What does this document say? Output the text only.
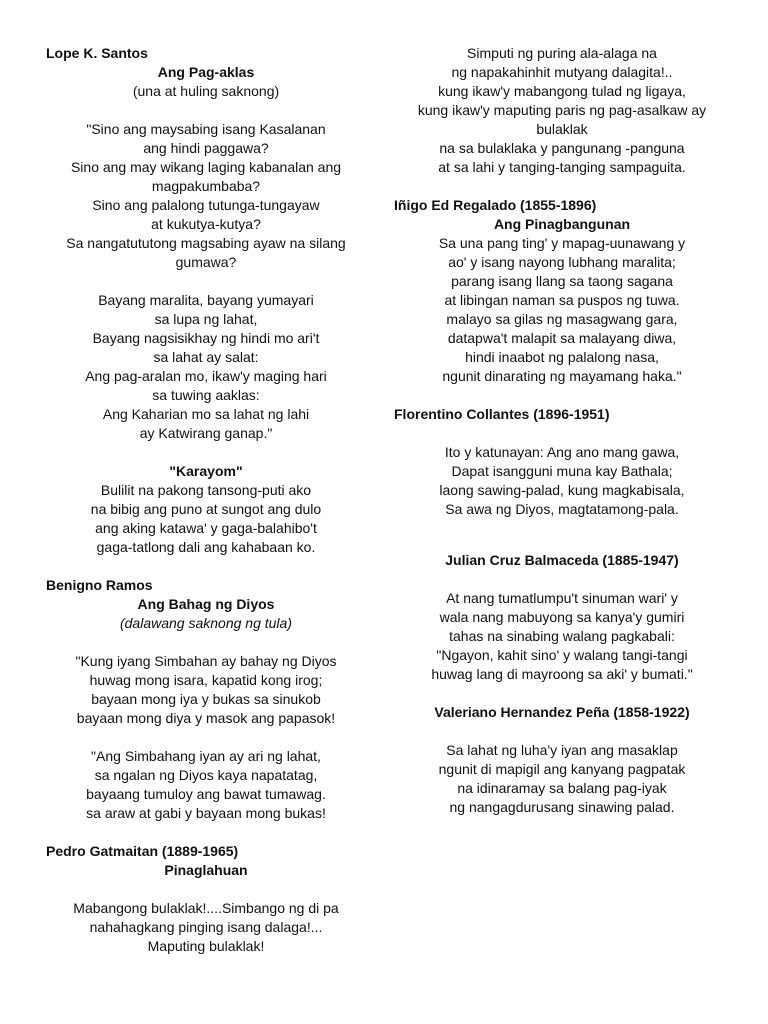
Lope K. Santos
Ang Pag-aklas
(una at huling saknong)
"Sino ang maysabing isang Kasalanan
ang hindi paggawa?
Sino ang may wikang laging kabanalan ang
magpakumbaba?
Sino ang palalong tutunga-tungayaw
at kukutya-kutya?
Sa nangatututong magsabing ayaw na silang
gumawa?
Bayang maralita, bayang yumayari
sa lupa ng lahat,
Bayang nagsisikhay ng hindi mo ari't
sa lahat ay salat:
Ang pag-aralan mo, ikaw'y maging hari
sa tuwing aaklas:
Ang Kaharian mo sa lahat ng lahi
ay Katwirang ganap."
"Karayom"
Bulilit na pakong tansong-puti ako
na bibig ang puno at sungot ang dulo
ang aking katawa' y gaga-balahibo't
gaga-tatlong dali ang kahabaan ko.
Benigno Ramos
Ang Bahag ng Diyos
(dalawang saknong ng tula)
"Kung iyang Simbahan ay bahay ng Diyos
huwag mong isara, kapatid kong irog;
bayaan mong iya y bukas sa sinukob
bayaan mong diya y masok ang papasok!
"Ang Simbahang iyan ay ari ng lahat,
sa ngalan ng Diyos kaya napatatag,
bayaang tumuloy ang bawat tumawag.
sa araw at gabi y bayaan mong bukas!
Pedro Gatmaitan (1889-1965)
Pinaglahuan
Mabangong bulaklak!....Simbango ng di pa
nahahagkang pinging isang dalaga!...
Maputing bulaklak!
Simputi ng puring ala-alaga na
ng napakahinhit mutyang dalagita!..
kung ikaw'y mabangong tulad ng ligaya,
kung ikaw'y maputing paris ng pag-asalkaw ay
bulaklak
na sa bulaklaka y pangunang -panguna
at sa lahi y tanging-tanging sampaguita.
Iñigo Ed Regalado (1855-1896)
Ang Pinagbangunan
Sa una pang ting' y mapag-uunawang y
ao' y isang nayong lubhang maralita;
parang isang llang sa taong sagana
at libingan naman sa puspos ng tuwa.
malayo sa gilas ng masagwang gara,
datapwa't malapit sa malayang diwa,
hindi inaabot ng palalong nasa,
ngunit dinarating ng mayamang haka."
Florentino Collantes (1896-1951)
Ito y katunayan: Ang ano mang gawa,
Dapat isangguni muna kay Bathala;
laong sawing-palad, kung magkabisala,
Sa awa ng Diyos, magtatamong-pala.
Julian Cruz Balmaceda (1885-1947)
At nang tumatlumpu't sinuman wari' y
wala nang mabuyong sa kanya'y gumiri
tahas na sinabing walang pagkabali:
"Ngayon, kahit sino' y walang tangi-tangi
huwag lang di mayroong sa aki' y bumati."
Valeriano Hernandez Peña (1858-1922)
Sa lahat ng luha'y iyan ang masaklap
ngunit di mapigil ang kanyang pagpatak
na idinaramay sa balang pag-iyak
ng nangagdurusang sinawing palad.
